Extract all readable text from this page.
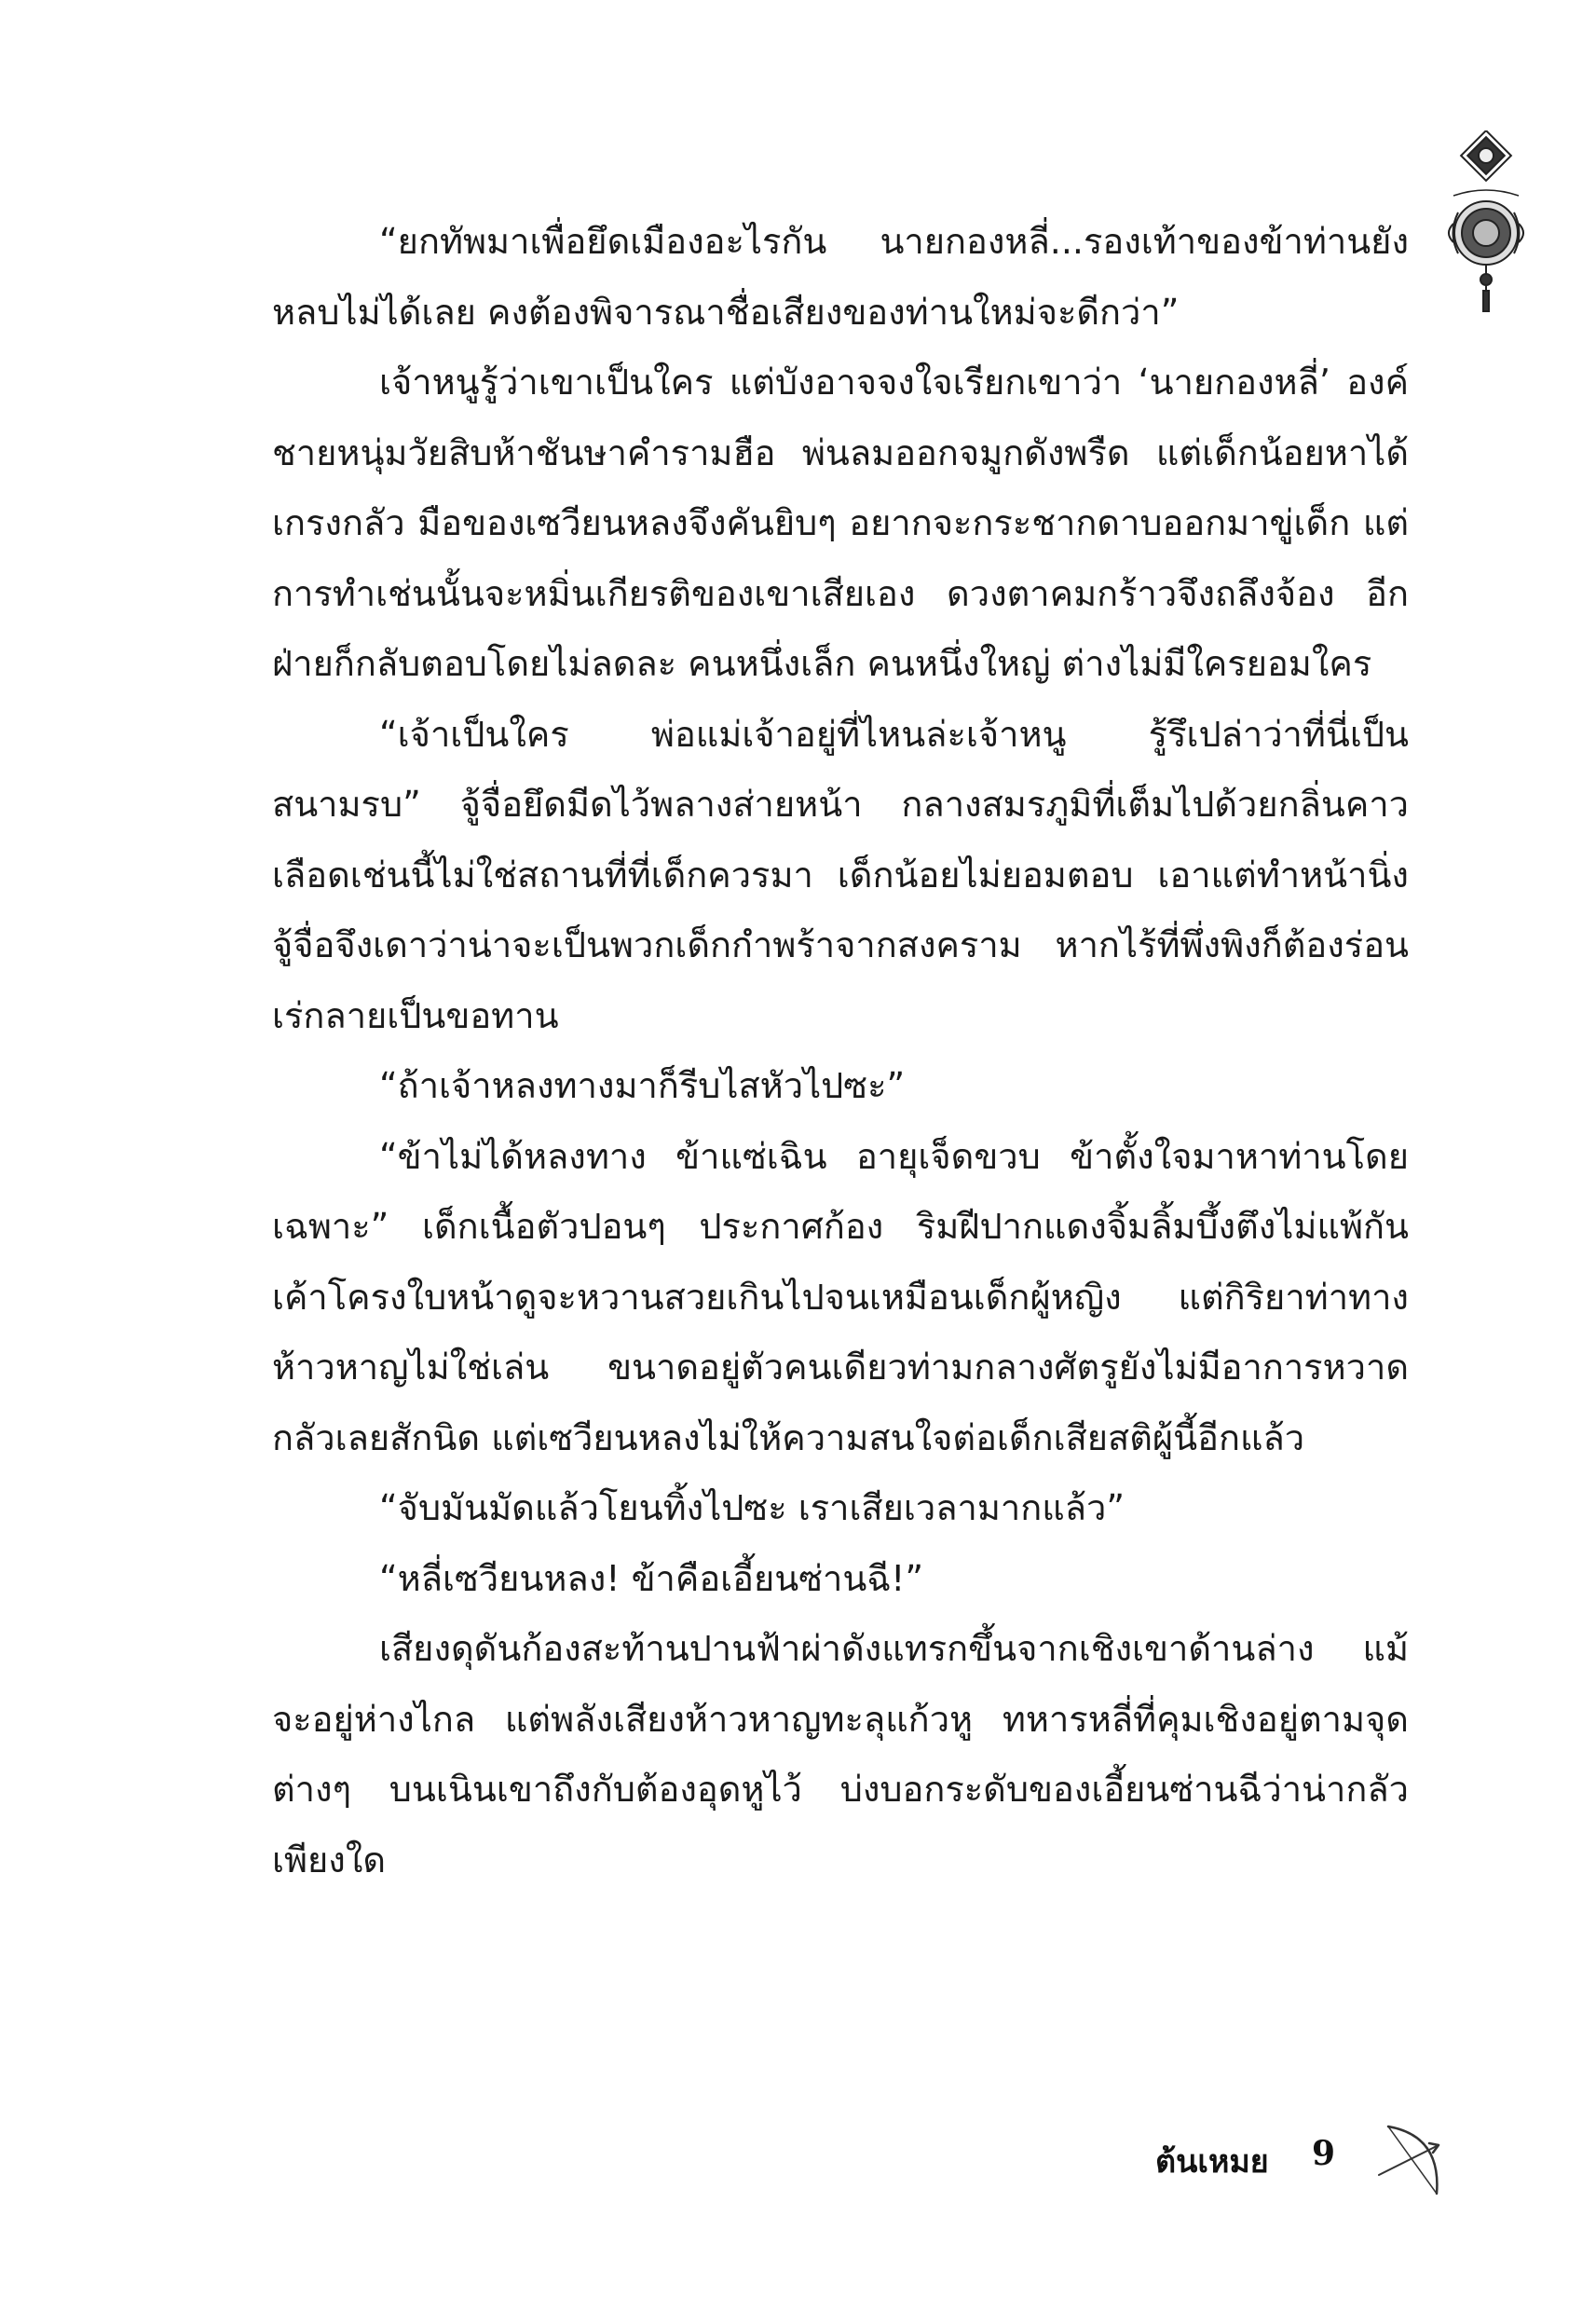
“ยกทัพมาเพื่อยึดเมืองอะไรกัน นายกองหลี่...รองเท้าของข้าท่านยังหลบไม่ได้เลย คงต้องพิจารณาชื่อเสียงของท่านใหม่จะดีกว่า”

เจ้าหนูรู้ว่าเขาเป็นใคร แต่บังอาจจงใจเรียกเขาว่า ‘นายกองหลี่’ องค์ชายหนุ่มวัยสิบห้าชันษาคำรามฮือ พ่นลมออกจมูกดังพรืด แต่เด็กน้อยหาได้เกรงกลัว มือของเซวียนหลงจึงคันยิบๆ อยากจะกระชากดาบออกมาขู่เด็ก แต่การทำเช่นนั้นจะหมิ่นเกียรติของเขาเสียเอง ดวงตาคมกร้าวจึงถลึงจ้อง อีกฝ่ายก็กลับตอบโดยไม่ลดละ คนหนึ่งเล็ก คนหนึ่งใหญ่ ต่างไม่มีใครยอมใคร

“เจ้าเป็นใคร พ่อแม่เจ้าอยู่ที่ไหนล่ะเจ้าหนู รู้รึเปล่าว่าที่นี่เป็นสนามรบ” จู้จื่อยึดมีดไว้พลางส่ายหน้า กลางสมรภูมิที่เต็มไปด้วยกลิ่นคาวเลือดเช่นนี้ไม่ใช่สถานที่ที่เด็กควรมา เด็กน้อยไม่ยอมตอบ เอาแต่ทำหน้านิ่ง จู้จื่อจึงเดาว่าน่าจะเป็นพวกเด็กกำพร้าจากสงคราม หากไร้ที่พึ่งพิงก็ต้องร่อนเร่กลายเป็นขอทาน

“ถ้าเจ้าหลงทางมาก็รีบไสหัวไปซะ”

“ข้าไม่ได้หลงทาง ข้าแซ่เฉิน อายุเจ็ดขวบ ข้าตั้งใจมาหาท่านโดยเฉพาะ” เด็กเนื้อตัวปอนๆ ประกาศก้อง ริมฝีปากแดงจิ้มลิ้มบึ้งตึงไม่แพ้กัน เค้าโครงใบหน้าดูจะหวานสวยเกินไปจนเหมือนเด็กผู้หญิง แต่กิริยาท่าทางห้าวหาญไม่ใช่เล่น ขนาดอยู่ตัวคนเดียวท่ามกลางศัตรูยังไม่มีอาการหวาดกลัวเลยสักนิด แต่เซวียนหลงไม่ให้ความสนใจต่อเด็กเสียสติผู้นี้อีกแล้ว

“จับมันมัดแล้วโยนทิ้งไปซะ เราเสียเวลามากแล้ว”

“หลี่เซวียนหลง! ข้าคือเอี้ยนซ่านฉี!”

เสียงดุดันก้องสะท้านปานฟ้าผ่าดังแทรกขึ้นจากเชิงเขาด้านล่าง แม้จะอยู่ห่างไกล แต่พลังเสียงห้าวหาญทะลุแก้วหู ทหารหลี่ที่คุมเชิงอยู่ตามจุดต่างๆ บนเนินเขาถึงกับต้องอุดหูไว้ บ่งบอกระดับของเอี้ยนซ่านฉีว่าน่ากลัวเพียงใด

ต้นเหมย 9
